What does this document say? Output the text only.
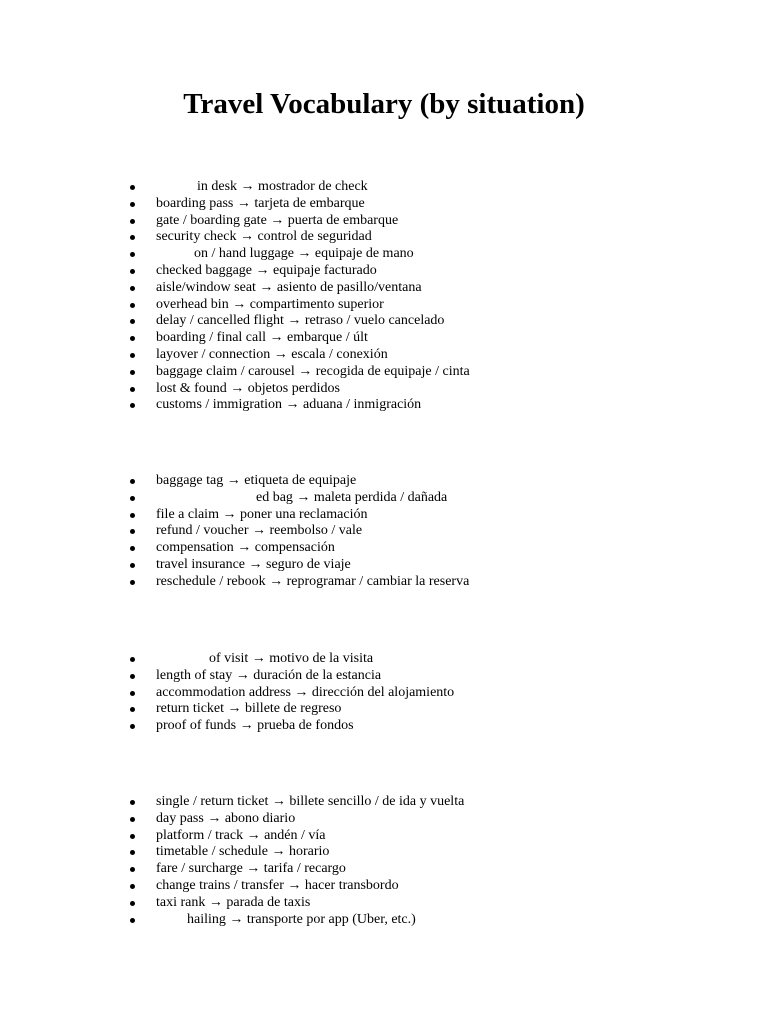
Travel Vocabulary (by situation)
in desk → mostrador de check
boarding pass → tarjeta de embarque
gate / boarding gate → puerta de embarque
security check → control de seguridad
on / hand luggage → equipaje de mano
checked baggage → equipaje facturado
aisle/window seat → asiento de pasillo/ventana
overhead bin → compartimento superior
delay / cancelled flight → retraso / vuelo cancelado
boarding / final call → embarque / últ
layover / connection → escala / conexión
baggage claim / carousel → recogida de equipaje / cinta
lost & found → objetos perdidos
customs / immigration → aduana / inmigración
baggage tag → etiqueta de equipaje
ed bag → maleta perdida / dañada
file a claim → poner una reclamación
refund / voucher → reembolso / vale
compensation → compensación
travel insurance → seguro de viaje
reschedule / rebook → reprogramar / cambiar la reserva
of visit → motivo de la visita
length of stay → duración de la estancia
accommodation address → dirección del alojamiento
return ticket → billete de regreso
proof of funds → prueba de fondos
single / return ticket → billete sencillo / de ida y vuelta
day pass → abono diario
platform / track → andén / vía
timetable / schedule → horario
fare / surcharge → tarifa / recargo
change trains / transfer → hacer transbordo
taxi rank → parada de taxis
hailing → transporte por app (Uber, etc.)
